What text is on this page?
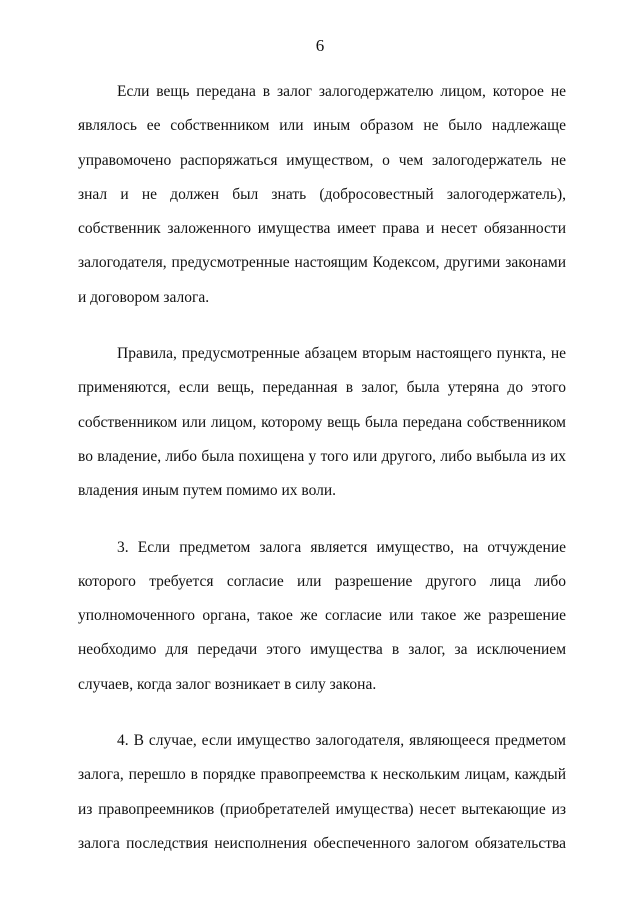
6

Если вещь передана в залог залогодержателю лицом, которое не являлось ее собственником или иным образом не было надлежаще управомочено распоряжаться имуществом, о чем залогодержатель не знал и не должен был знать (добросовестный залогодержатель), собственник заложенного имущества имеет права и несет обязанности залогодателя, предусмотренные настоящим Кодексом, другими законами и договором залога.

Правила, предусмотренные абзацем вторым настоящего пункта, не применяются, если вещь, переданная в залог, была утеряна до этого собственником или лицом, которому вещь была передана собственником во владение, либо была похищена у того или другого, либо выбыла из их владения иным путем помимо их воли.

3. Если предметом залога является имущество, на отчуждение которого требуется согласие или разрешение другого лица либо уполномоченного органа, такое же согласие или такое же разрешение необходимо для передачи этого имущества в залог, за исключением случаев, когда залог возникает в силу закона.

4. В случае, если имущество залогодателя, являющееся предметом залога, перешло в порядке правопреемства к нескольким лицам, каждый из правопреемников (приобретателей имущества) несет вытекающие из залога последствия неисполнения обеспеченного залогом обязательства
